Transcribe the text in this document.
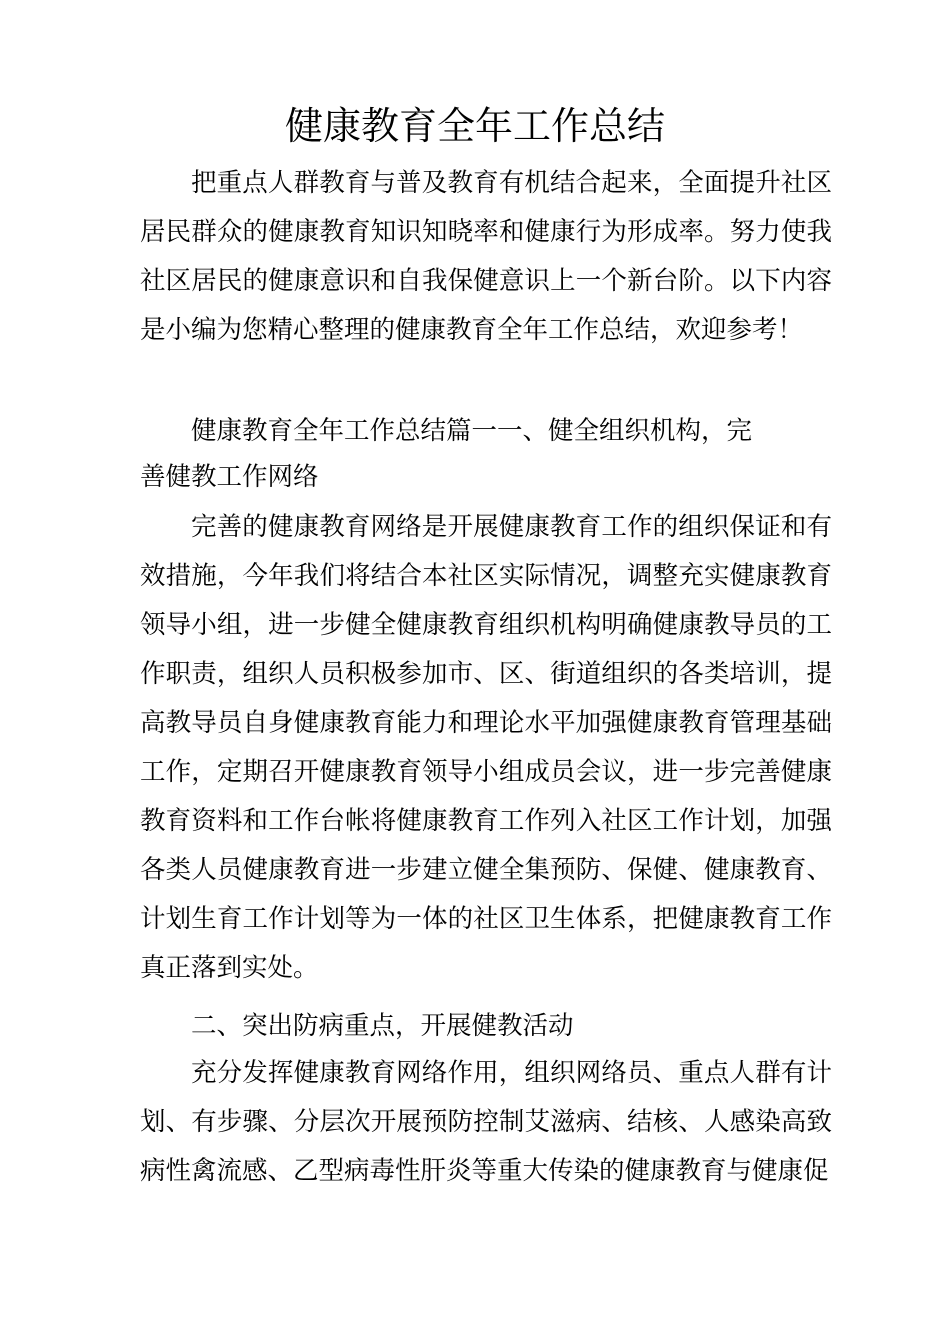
健康教育全年工作总结

把重点人群教育与普及教育有机结合起来，全面提升社区居民群众的健康教育知识知晓率和健康行为形成率。努力使我社区居民的健康意识和自我保健意识上一个新台阶。以下内容是小编为您精心整理的健康教育全年工作总结，欢迎参考！

健康教育全年工作总结篇一一、健全组织机构，完
善健教工作网络

完善的健康教育网络是开展健康教育工作的组织保证和有效措施，今年我们将结合本社区实际情况，调整充实健康教育领导小组，进一步健全健康教育组织机构明确健康教导员的工作职责，组织人员积极参加市、区、街道组织的各类培训，提高教导员自身健康教育能力和理论水平加强健康教育管理基础工作，定期召开健康教育领导小组成员会议，进一步完善健康教育资料和工作台帐将健康教育工作列入社区工作计划，加强各类人员健康教育进一步建立健全集预防、保健、健康教育、计划生育工作计划等为一体的社区卫生体系，把健康教育工作真正落到实处。

二、突出防病重点，开展健教活动

充分发挥健康教育网络作用，组织网络员、重点人群有计划、有步骤、分层次开展预防控制艾滋病、结核、人感染高致病性禽流感、乙型病毒性肝炎等重大传染的健康教育与健康促
